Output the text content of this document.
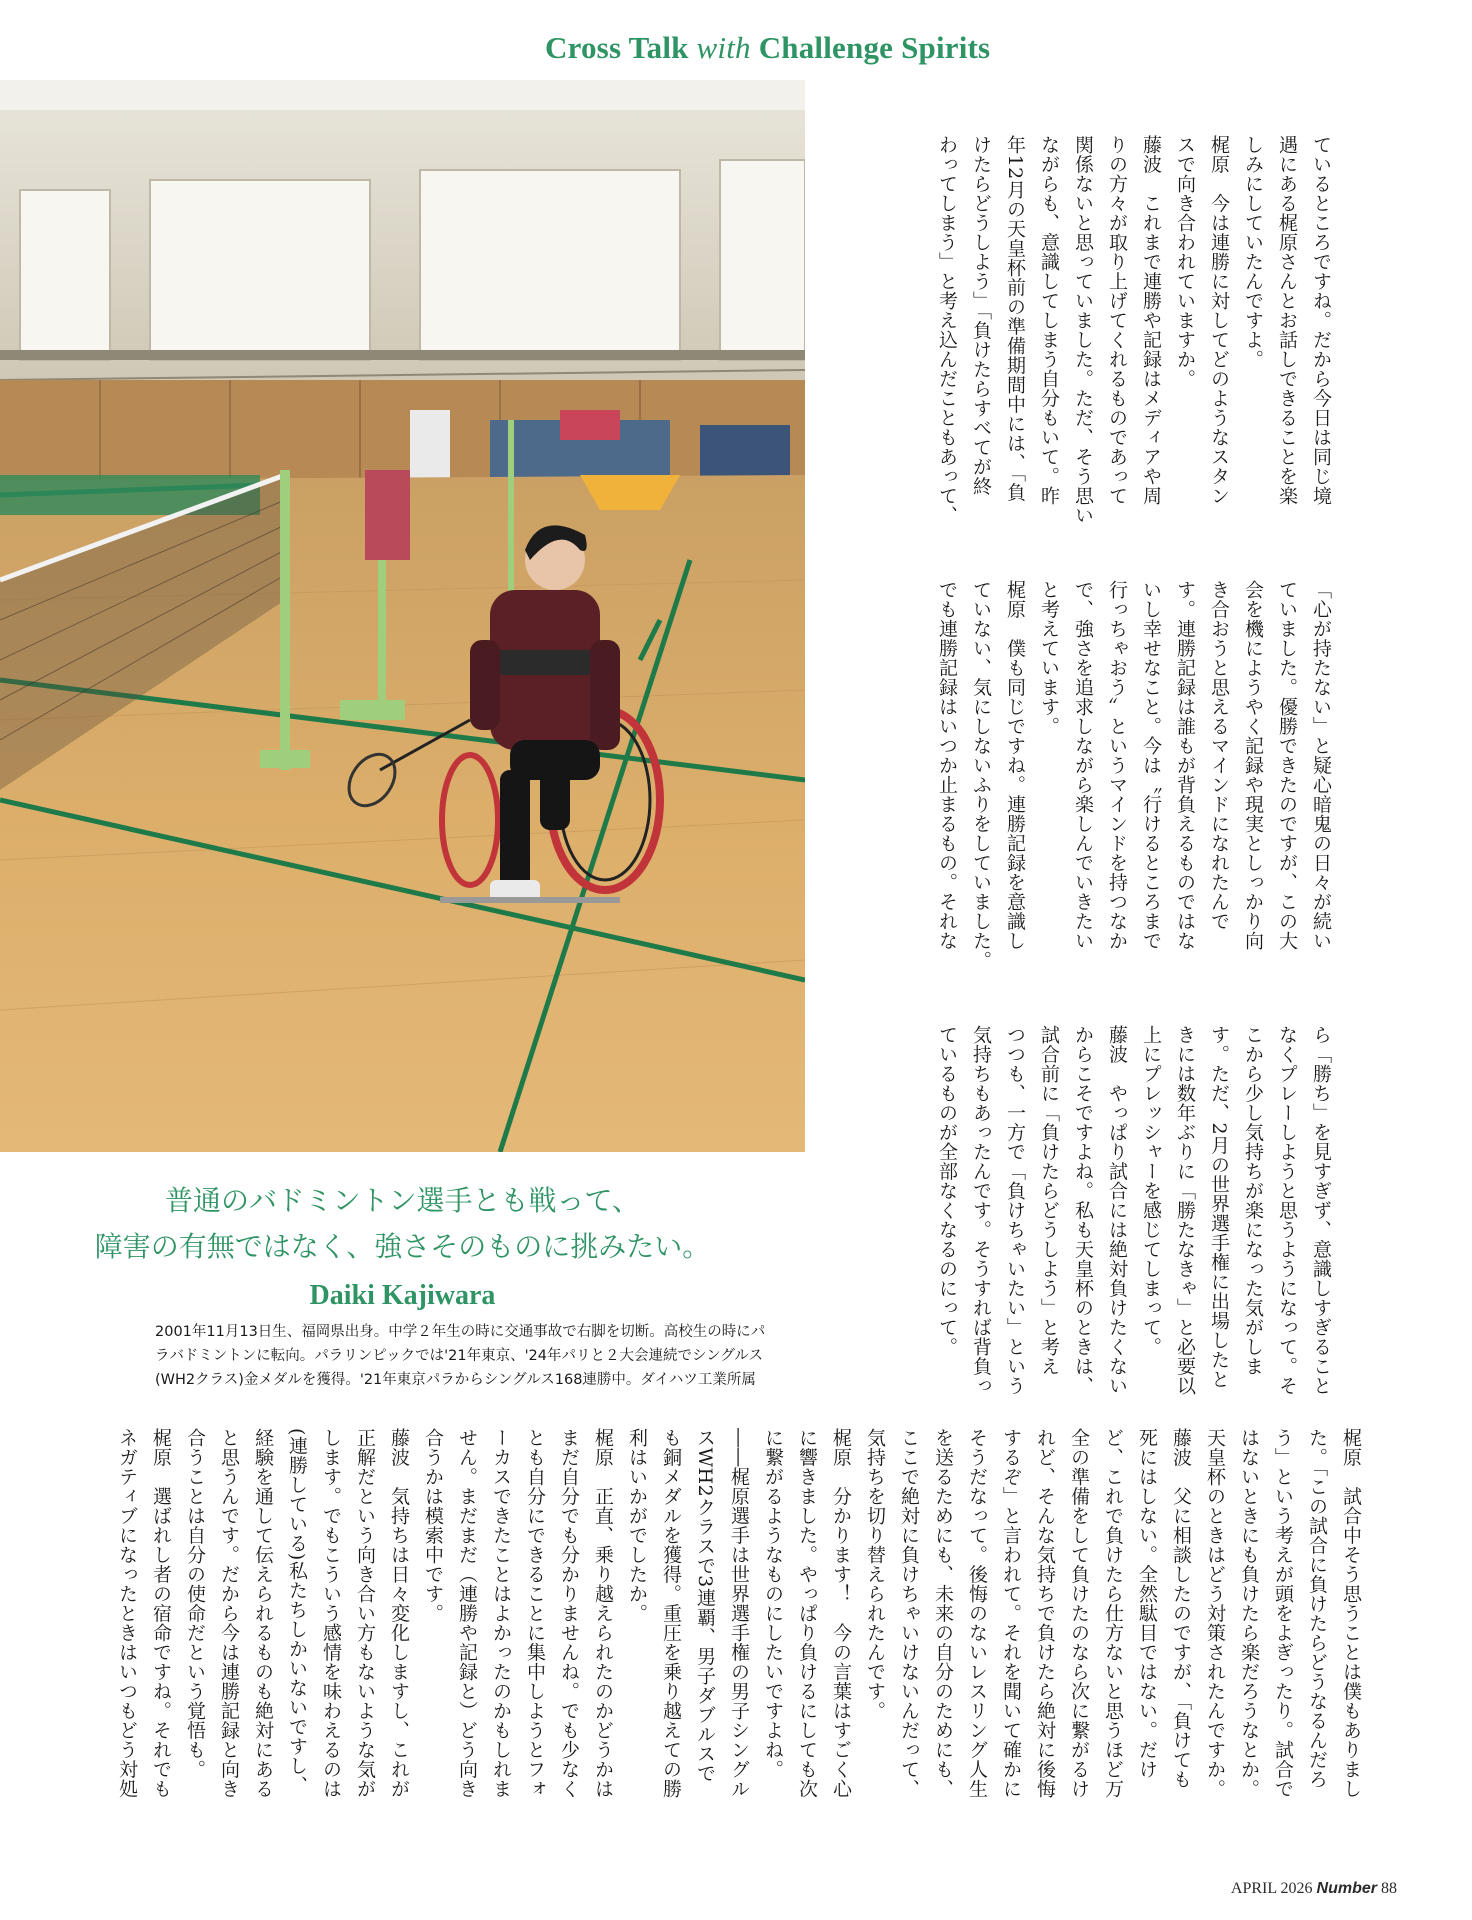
Cross Talk with Challenge Spirits
普通のバドミントン選手とも戦って、
障害の有無ではなく、強さそのものに挑みたい。
Daiki Kajiwara
2001年11月13日生、福岡県出身。中学２年生の時に交通事故で右脚を切断。高校生の時にパ
ラバドミントンに転向。パラリンピックでは'21年東京、'24年パリと２大会連続でシングルス
(WH2クラス)金メダルを獲得。'21年東京パラからシングルス168連勝中。ダイハツ工業所属

ているところですね。だから今日は同じ境

遇にある梶原さんとお話しできることを楽

しみにしていたんですよ。

梶原　今は連勝に対してどのようなスタン

スで向き合われていますか。

藤波　これまで連勝や記録はメディアや周

りの方々が取り上げてくれるものであって

関係ないと思っていました。ただ、そう思い

ながらも、意識してしまう自分もいて。昨

年12月の天皇杯前の準備期間中には、「負

けたらどうしよう」「負けたらすべてが終

わってしまう」と考え込んだこともあって、

「心が持たない」と疑心暗鬼の日々が続い

ていました。優勝できたのですが、この大

会を機にようやく記録や現実としっかり向

き合おうと思えるマインドになれたんで

す。連勝記録は誰もが背負えるものではな

いし幸せなこと。今は〝行けるところまで

行っちゃおう〟というマインドを持つなか

で、強さを追求しながら楽しんでいきたい

と考えています。

梶原　僕も同じですね。連勝記録を意識し

ていない、気にしないふりをしていました。

でも連勝記録はいつか止まるもの。それな

ら「勝ち」を見すぎず、意識しすぎること

なくプレーしようと思うようになって。そ

こから少し気持ちが楽になった気がしま

す。ただ、2月の世界選手権に出場したと

きには数年ぶりに「勝たなきゃ」と必要以

上にプレッシャーを感じてしまって。

藤波　やっぱり試合には絶対負けたくない

からこそですよね。私も天皇杯のときは、

試合前に「負けたらどうしよう」と考え

つつも、一方で「負けちゃいたい」という

気持ちもあったんです。そうすれば背負っ

ているものが全部なくなるのにって。

梶原　試合中そう思うことは僕もありまし

た。「この試合に負けたらどうなるんだろ

う」という考えが頭をよぎったり。試合で

はないときにも負けたら楽だろうなとか。

天皇杯のときはどう対策されたんですか。

藤波　父に相談したのですが、「負けても

死にはしない。全然駄目ではない。だけ

ど、これで負けたら仕方ないと思うほど万

全の準備をして負けたのなら次に繋がるけ

れど、そんな気持ちで負けたら絶対に後悔

するぞ」と言われて。それを聞いて確かに

そうだなって。後悔のないレスリング人生

を送るためにも、未来の自分のためにも、

ここで絶対に負けちゃいけないんだって、

気持ちを切り替えられたんです。

梶原　分かります！　今の言葉はすごく心

に響きました。やっぱり負けるにしても次

に繋がるようなものにしたいですよね。

――梶原選手は世界選手権の男子シングル

スWH2クラスで3連覇、男子ダブルスで

も銅メダルを獲得。重圧を乗り越えての勝

利はいかがでしたか。

梶原　正直、乗り越えられたのかどうかは

まだ自分でも分かりませんね。でも少なく

とも自分にできることに集中しようとフォ

ーカスできたことはよかったのかもしれま

せん。まだまだ（連勝や記録と）どう向き

合うかは模索中です。

藤波　気持ちは日々変化しますし、これが

正解だという向き合い方もないような気が

します。でもこういう感情を味わえるのは

(連勝している)私たちしかいないですし、

経験を通して伝えられるものも絶対にある

と思うんです。だから今は連勝記録と向き

合うことは自分の使命だという覚悟も。

梶原　選ばれし者の宿命ですね。それでも

ネガティブになったときはいつもどう対処

APRIL 2026 Number 88
